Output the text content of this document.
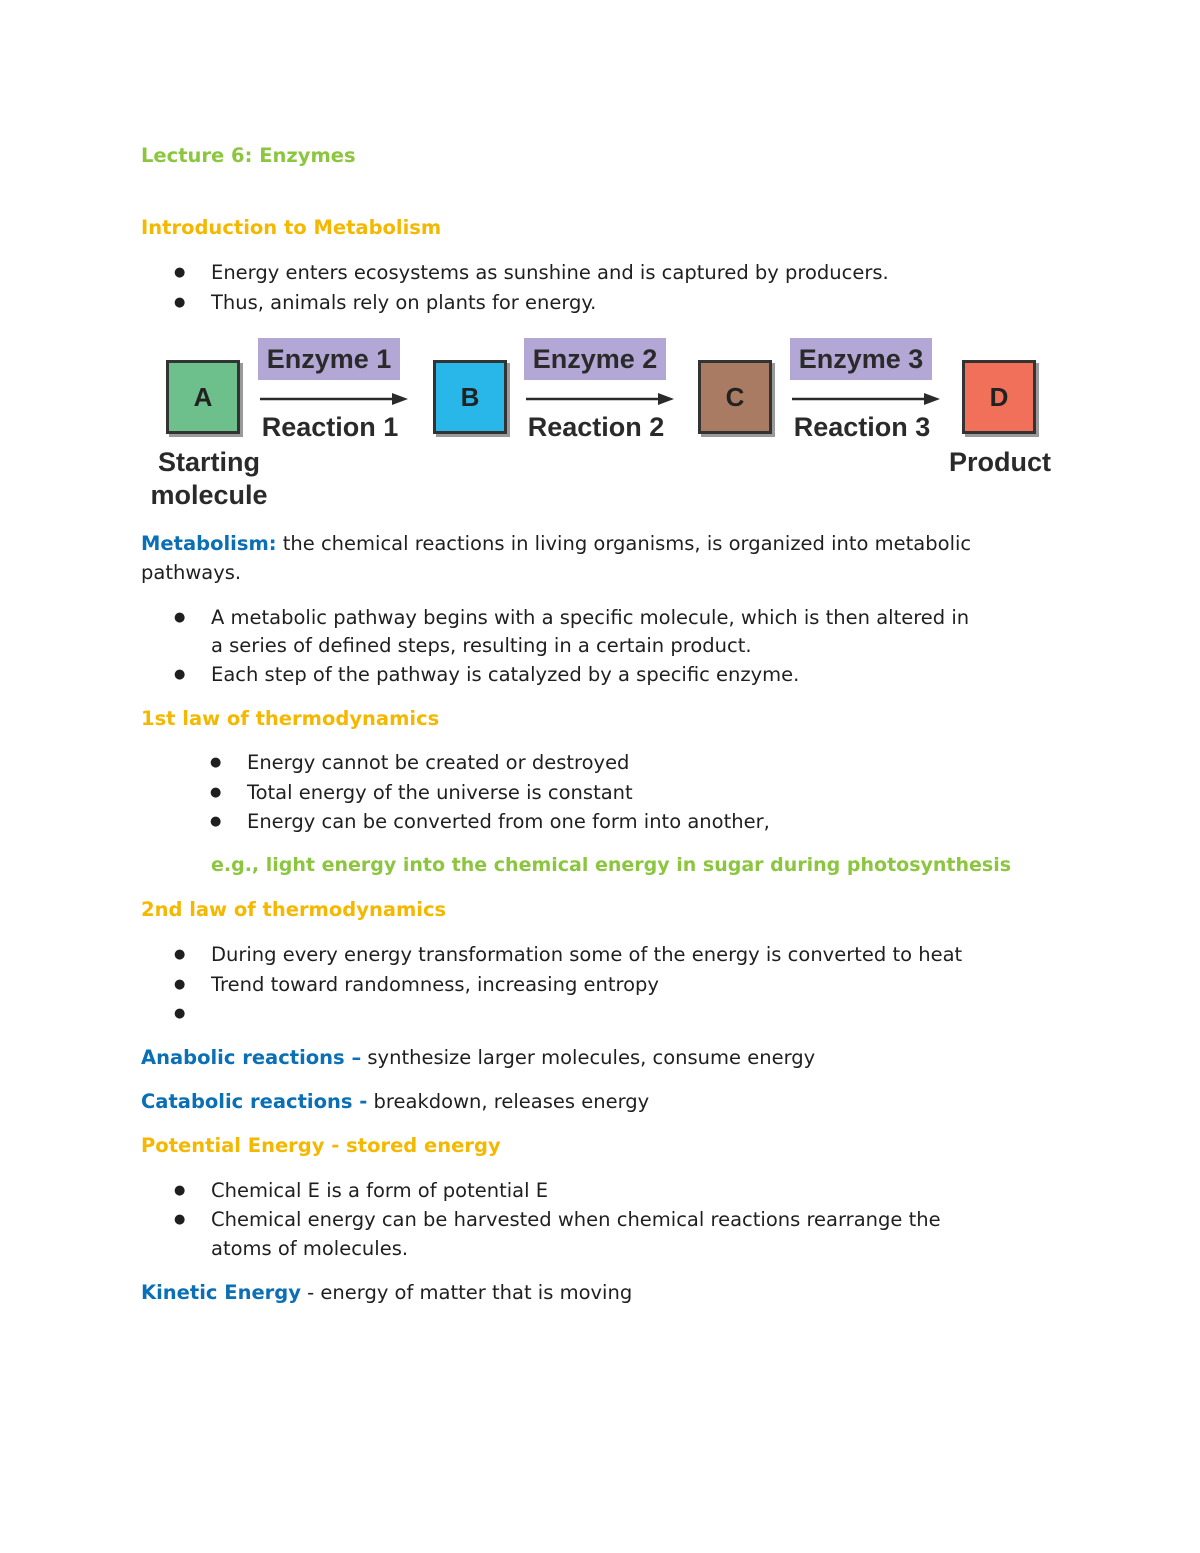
Lecture 6: Enzymes
Introduction to Metabolism
● Energy enters ecosystems as sunshine and is captured by producers.
● Thus, animals rely on plants for energy.
A
Enzyme 1
Reaction 1
B
Enzyme 2
Reaction 2
C
Enzyme 3
Reaction 3
D
Starting
molecule
Product
Metabolism: the chemical reactions in living organisms, is organized into metabolic
pathways.
● A metabolic pathway begins with a specific molecule, which is then altered in
a series of defined steps, resulting in a certain product.
● Each step of the pathway is catalyzed by a specific enzyme.
1st law of thermodynamics
● Energy cannot be created or destroyed
● Total energy of the universe is constant
● Energy can be converted from one form into another,
e.g., light energy into the chemical energy in sugar during photosynthesis
2nd law of thermodynamics
● During every energy transformation some of the energy is converted to heat
● Trend toward randomness, increasing entropy
●
Anabolic reactions – synthesize larger molecules, consume energy
Catabolic reactions - breakdown, releases energy
Potential Energy - stored energy
● Chemical E is a form of potential E
● Chemical energy can be harvested when chemical reactions rearrange the
atoms of molecules.
Kinetic Energy - energy of matter that is moving
